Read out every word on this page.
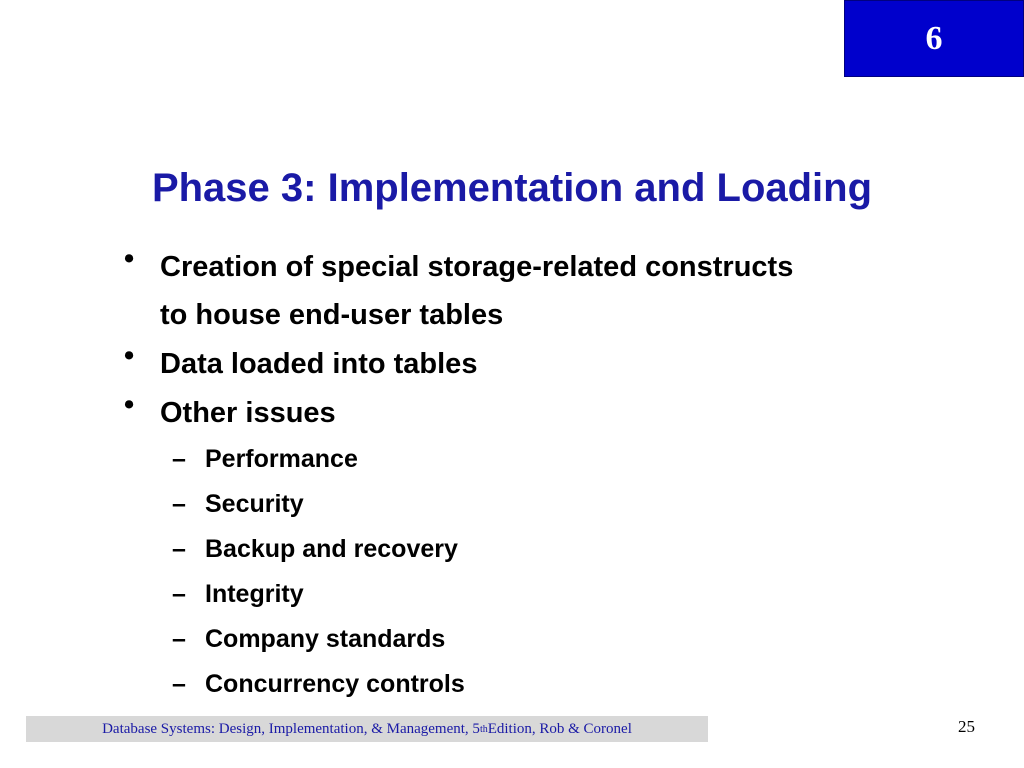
6
Phase 3: Implementation and Loading
• Creation of special storage-related constructs
to house end-user tables
• Data loaded into tables
• Other issues
– Performance
– Security
– Backup and recovery
– Integrity
– Company standards
– Concurrency controls
Database Systems: Design, Implementation, & Management, 5 th Edition, Rob & Coronel	25
